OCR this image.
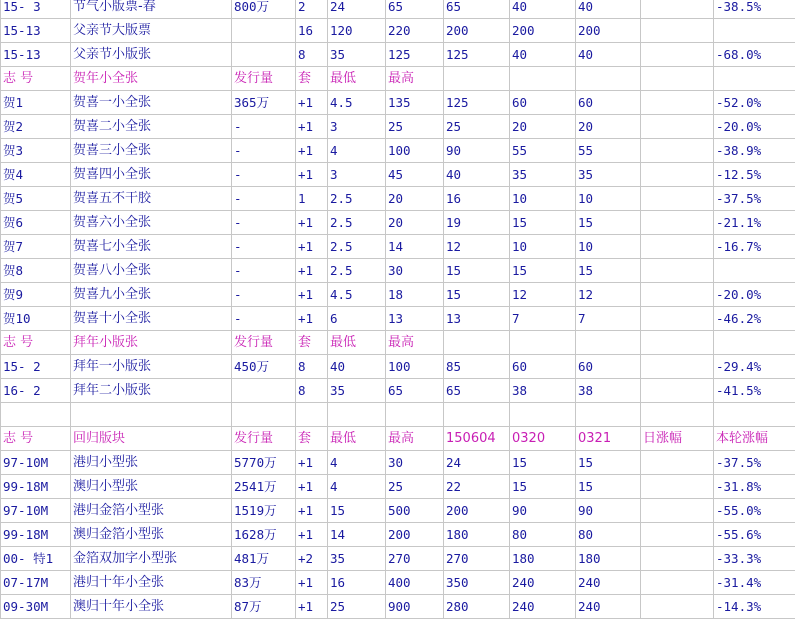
15- 3	节气小版票-春	800万	2	24	65	65	40	40		-38.5%
15-13	父亲节大版票		16	120	220	200	200	200		
15-13	父亲节小版张		8	35	125	125	40	40		-68.0%
志 号	贺年小全张	发行量	套	最低	最高					
贺1	贺喜一小全张	365万	+1	4.5	135	125	60	60		-52.0%
贺2	贺喜二小全张	-	+1	3	25	25	20	20		-20.0%
贺3	贺喜三小全张	-	+1	4	100	90	55	55		-38.9%
贺4	贺喜四小全张	-	+1	3	45	40	35	35		-12.5%
贺5	贺喜五不干胶	-	1	2.5	20	16	10	10		-37.5%
贺6	贺喜六小全张	-	+1	2.5	20	19	15	15		-21.1%
贺7	贺喜七小全张	-	+1	2.5	14	12	10	10		-16.7%
贺8	贺喜八小全张	-	+1	2.5	30	15	15	15		
贺9	贺喜九小全张	-	+1	4.5	18	15	12	12		-20.0%
贺10	贺喜十小全张	-	+1	6	13	13	7	7		-46.2%
志 号	拜年小版张	发行量	套	最低	最高					
15- 2	拜年一小版张	450万	8	40	100	85	60	60		-29.4%
16- 2	拜年二小版张		8	35	65	65	38	38		-41.5%

志 号	回归版块	发行量	套	最低	最高	150604	0320	0321	日涨幅	本轮涨幅
97-10M	港归小型张	5770万	+1	4	30	24	15	15		-37.5%
99-18M	澳归小型张	2541万	+1	4	25	22	15	15		-31.8%
97-10M	港归金箔小型张	1519万	+1	15	500	200	90	90		-55.0%
99-18M	澳归金箔小型张	1628万	+1	14	200	180	80	80		-55.6%
00- 特1	金箔双加字小型张	481万	+2	35	270	270	180	180		-33.3%
07-17M	港归十年小全张	83万	+1	16	400	350	240	240		-31.4%
09-30M	澳归十年小全张	87万	+1	25	900	280	240	240		-14.3%
